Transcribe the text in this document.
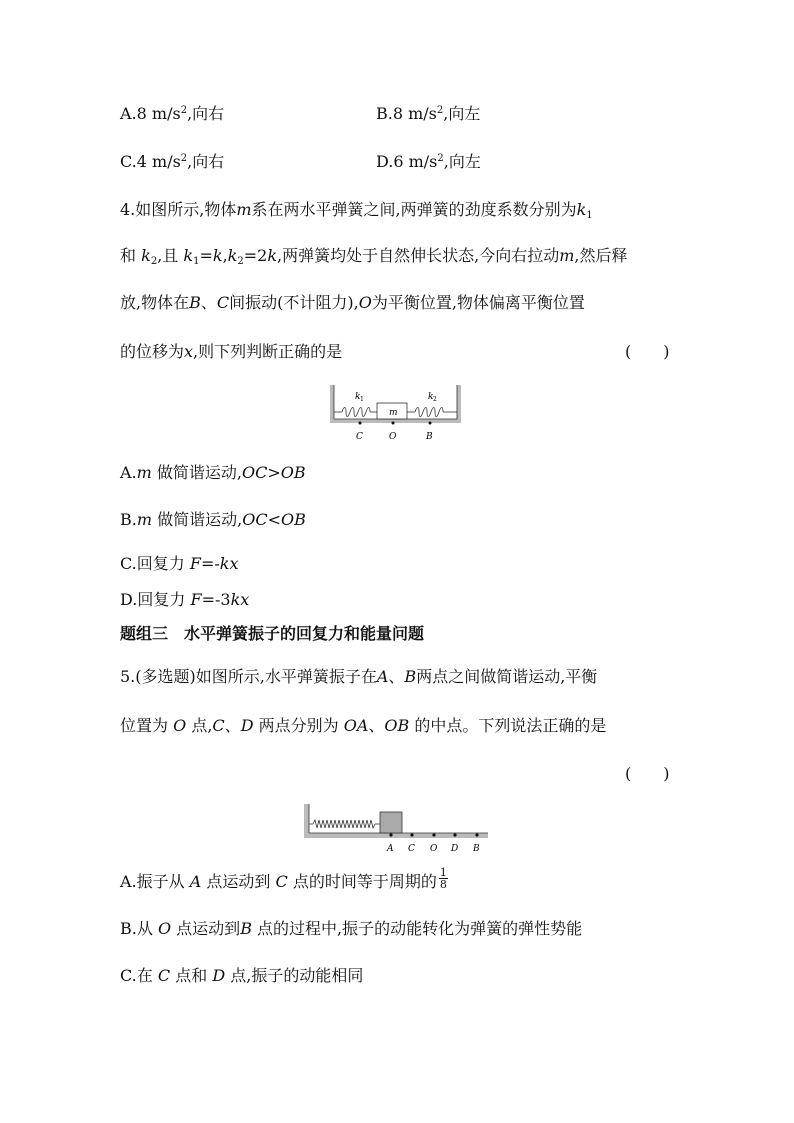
A.8 $m/s^2$,向右	B.8 $m/s^2$,向左
C.4 $m/s^2$,向右	D.6 $m/s^2$,向左
4.如图所示,物体m系在两水平弹簧之间,两弹簧的劲度系数分别为$k_1$
和 $k_2$,且 $k_1=k,k_2=2k$,两弹簧均处于自然伸长状态,今向右拉动m,然后释
放,物体在B、C间振动(不计阻力),O为平衡位置,物体偏离平衡位置
的位移为x,则下列判断正确的是	(　　)
m
k 1	k 2
C	O	B
A.m 做简谐运动,OC>OB
B.m 做简谐运动,OC<OB
C.回复力 F=-kx
D.回复力 F=-3kx
题组三　水平弹簧振子的回复力和能量问题
5.(多选题)如图所示,水平弹簧振子在A、B两点之间做简谐运动,平衡
位置为 O 点,C、D 两点分别为 OA、OB 的中点。下列说法正确的是
(　　)
A C O D B
A.振子从 A 点运动到 C 点的时间等于周期的 $\frac{1}{8}$
B.从 O 点运动到B 点的过程中,振子的动能转化为弹簧的弹性势能
C.在 C 点和 D 点,振子的动能相同
